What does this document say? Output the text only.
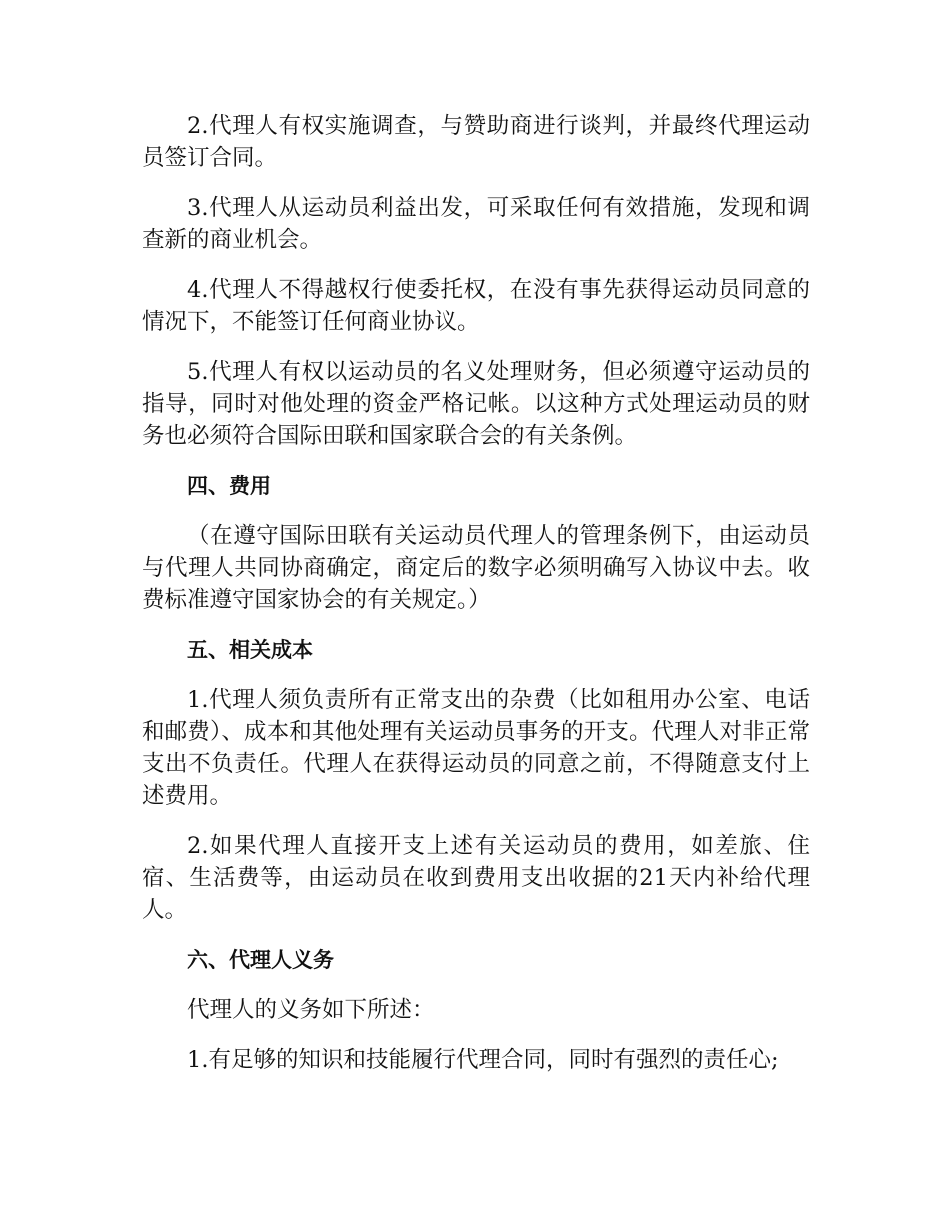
2.代理人有权实施调查，与赞助商进行谈判，并最终代理运动员签订合同。

3.代理人从运动员利益出发，可采取任何有效措施，发现和调查新的商业机会。

4.代理人不得越权行使委托权，在没有事先获得运动员同意的情况下，不能签订任何商业协议。

5.代理人有权以运动员的名义处理财务，但必须遵守运动员的指导，同时对他处理的资金严格记帐。以这种方式处理运动员的财务也必须符合国际田联和国家联合会的有关条例。

四、费用

（在遵守国际田联有关运动员代理人的管理条例下，由运动员与代理人共同协商确定，商定后的数字必须明确写入协议中去。收费标准遵守国家协会的有关规定。）

五、相关成本

1.代理人须负责所有正常支出的杂费（比如租用办公室、电话和邮费）、成本和其他处理有关运动员事务的开支。代理人对非正常支出不负责任。代理人在获得运动员的同意之前，不得随意支付上述费用。

2.如果代理人直接开支上述有关运动员的费用，如差旅、住宿、生活费等，由运动员在收到费用支出收据的21天内补给代理人。

六、代理人义务

代理人的义务如下所述：

1.有足够的知识和技能履行代理合同，同时有强烈的责任心;
